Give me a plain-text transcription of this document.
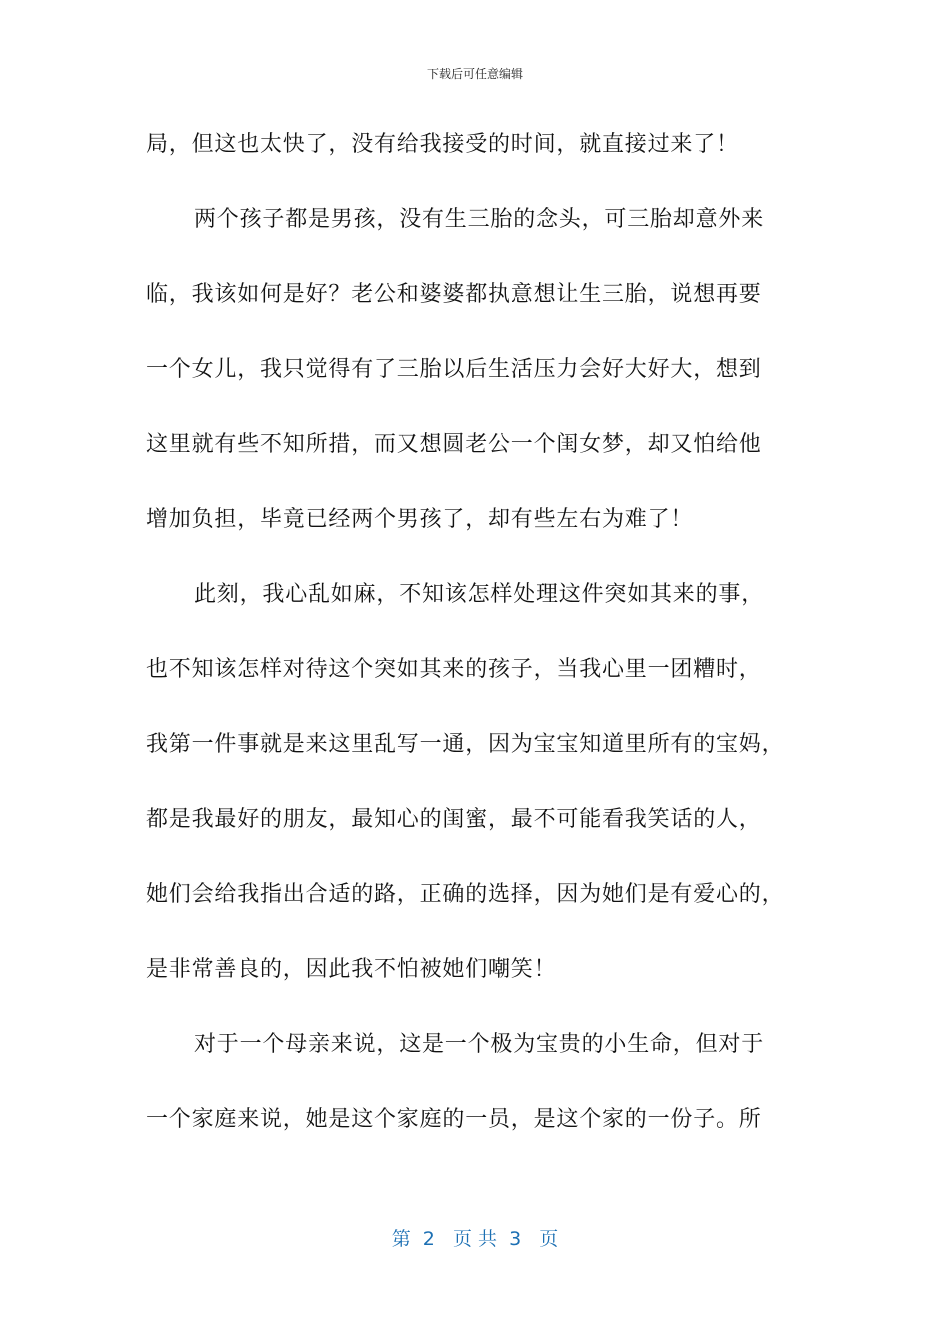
下载后可任意编辑
局，但这也太快了，没有给我接受的时间，就直接过来了！
两个孩子都是男孩，没有生三胎的念头，可三胎却意外来
临，我该如何是好？老公和婆婆都执意想让生三胎，说想再要
一个女儿，我只觉得有了三胎以后生活压力会好大好大，想到
这里就有些不知所措，而又想圆老公一个闺女梦，却又怕给他
增加负担，毕竟已经两个男孩了，却有些左右为难了！
此刻，我心乱如麻，不知该怎样处理这件突如其来的事，
也不知该怎样对待这个突如其来的孩子，当我心里一团糟时，
我第一件事就是来这里乱写一通，因为宝宝知道里所有的宝妈，
都是我最好的朋友，最知心的闺蜜，最不可能看我笑话的人，
她们会给我指出合适的路，正确的选择，因为她们是有爱心的，
是非常善良的，因此我不怕被她们嘲笑！
对于一个母亲来说，这是一个极为宝贵的小生命，但对于
一个家庭来说，她是这个家庭的一员，是这个家的一份子。所
第  2   页 共  3   页
